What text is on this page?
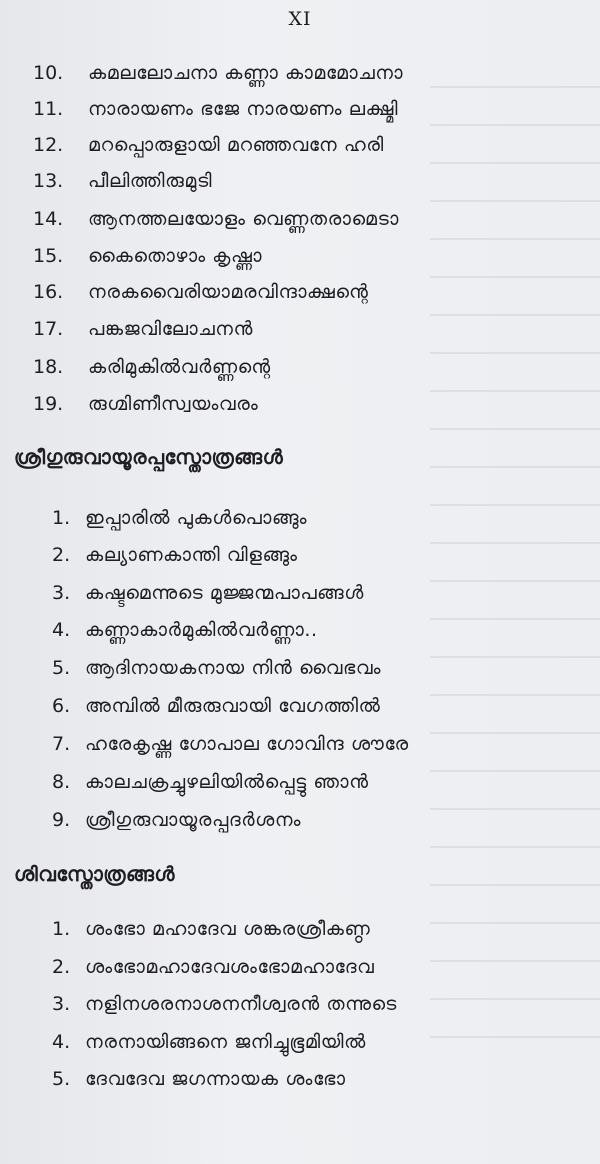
XI
10. കമലലോചനാ കണ്ണാ കാമമോചനാ
11. നാരായണം ഭജേ നാരയണം ലക്ഷ്മി
12. മറപ്പൊരുളായി മറഞ്ഞവനേ ഹരി
13. പീലിത്തിരുമുടി
14. ആനത്തലയോളം വെണ്ണതരാമെടാ
15. കൈതൊഴാം കൃഷ്ണാ
16. നരകവൈരിയാമരവിന്ദാക്ഷന്റെ
17. പങ്കജവിലോചനൻ
18. കരിമുകിൽവർണ്ണന്റെ
19. രുഗ്മിണീസ്വയംവരം
ശ്രീഗുരുവായൂരപ്പസ്തോത്രങ്ങൾ
1. ഇപ്പാരിൽ പുകൾപൊങ്ങും
2. കല്യാണകാന്തി വിളങ്ങും
3. കഷ്ടമെന്നുടെ മുജ്ജന്മപാപങ്ങൾ
4. കണ്ണാകാർമുകിൽവർണ്ണാ..
5. ആദിനായകനായ നിൻ വൈഭവം
6. അമ്പിൽ മീരുരുവായി വേഗത്തിൽ
7. ഹരേകൃഷ്ണ ഗോപാല ഗോവിന്ദ ശൗരേ
8. കാലചക്രച്ചുഴലിയിൽപ്പെട്ടു ഞാൻ
9. ശ്രീഗുരുവായൂരപ്പദർശനം
ശിവസ്തോത്രങ്ങൾ
1. ശംഭോ മഹാദേവ ശങ്കരശ്രീകണ്ഠ
2. ശംഭോമഹാദേവശംഭോമഹാദേവ
3. നളിനശരനാശനനീശ്വരൻ തന്നുടെ
4. നരനായിങ്ങനെ ജനിച്ചുഭൂമിയിൽ
5. ദേവദേവ ജഗന്നായക ശംഭോ
